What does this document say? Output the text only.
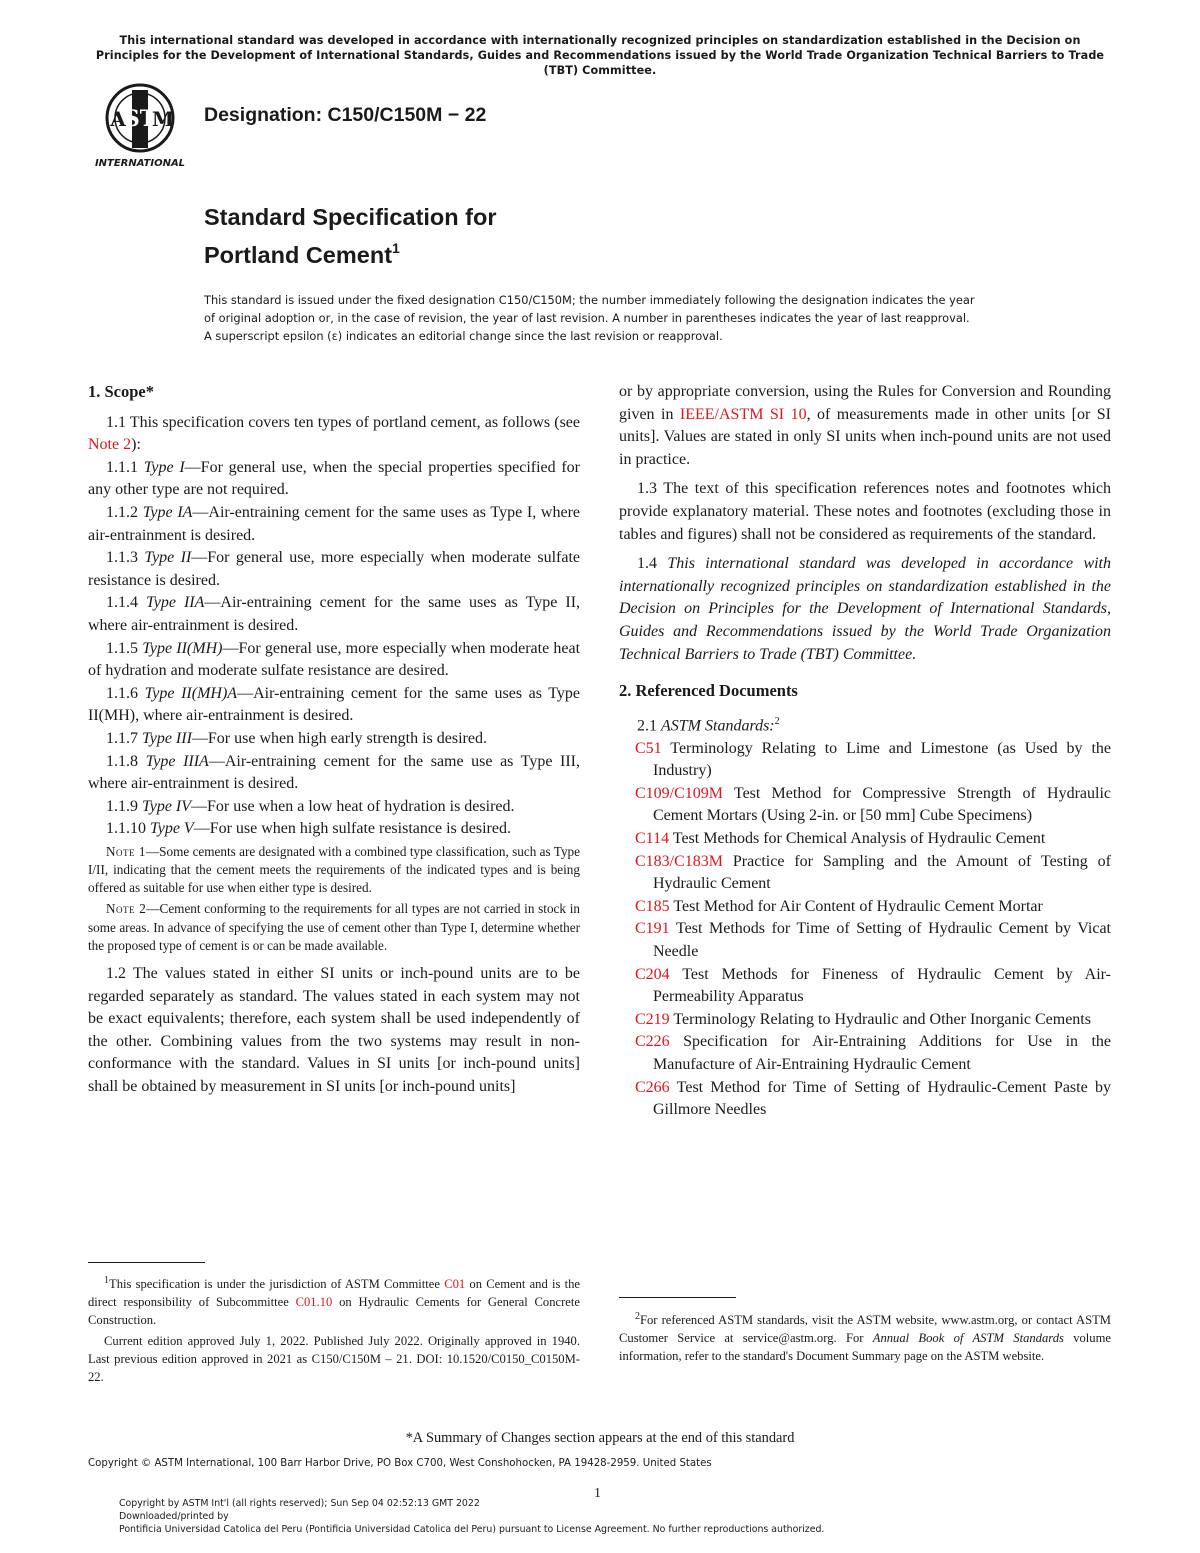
This international standard was developed in accordance with internationally recognized principles on standardization established in the Decision on Principles for the Development of International Standards, Guides and Recommendations issued by the World Trade Organization Technical Barriers to Trade (TBT) Committee.
ST
A M
INTERNATIONAL
Designation: C150/C150M − 22
Standard Specification for
Portland Cement$^1$
This standard is issued under the fixed designation C150/C150M; the number immediately following the designation indicates the year
of original adoption or, in the case of revision, the year of last revision. A number in parentheses indicates the year of last reapproval.
A superscript epsilon (ε) indicates an editorial change since the last revision or reapproval.

1. Scope*

1.1 This specification covers ten types of portland cement, as follows (see Note 2):

1.1.1 Type I—For general use, when the special properties specified for any other type are not required.

1.1.2 Type IA—Air-entraining cement for the same uses as Type I, where air-entrainment is desired.

1.1.3 Type II—For general use, more especially when moderate sulfate resistance is desired.

1.1.4 Type IIA—Air-entraining cement for the same uses as Type II, where air-entrainment is desired.

1.1.5 Type II(MH)—For general use, more especially when moderate heat of hydration and moderate sulfate resistance are desired.

1.1.6 Type II(MH)A—Air-entraining cement for the same uses as Type II(MH), where air-entrainment is desired.

1.1.7 Type III—For use when high early strength is desired.

1.1.8 Type IIIA—Air-entraining cement for the same use as Type III, where air-entrainment is desired.

1.1.9 Type IV—For use when a low heat of hydration is desired.

1.1.10 Type V—For use when high sulfate resistance is desired.

Note 1—Some cements are designated with a combined type classification, such as Type I/II, indicating that the cement meets the requirements of the indicated types and is being offered as suitable for use when either type is desired.

Note 2—Cement conforming to the requirements for all types are not carried in stock in some areas. In advance of specifying the use of cement other than Type I, determine whether the proposed type of cement is or can be made available.

1.2 The values stated in either SI units or inch-pound units are to be regarded separately as standard. The values stated in each system may not be exact equivalents; therefore, each system shall be used independently of the other. Combining values from the two systems may result in non-conformance with the standard. Values in SI units [or inch-pound units] shall be obtained by measurement in SI units [or inch-pound units]

or by appropriate conversion, using the Rules for Conversion and Rounding given in IEEE/ASTM SI 10, of measurements made in other units [or SI units]. Values are stated in only SI units when inch-pound units are not used in practice.

1.3 The text of this specification references notes and footnotes which provide explanatory material. These notes and footnotes (excluding those in tables and figures) shall not be considered as requirements of the standard.

1.4 This international standard was developed in accordance with internationally recognized principles on standardization established in the Decision on Principles for the Development of International Standards, Guides and Recommendations issued by the World Trade Organization Technical Barriers to Trade (TBT) Committee.

2. Referenced Documents

2.1 ASTM Standards:$^2$

C51 Terminology Relating to Lime and Limestone (as Used by the Industry)

C109/C109M Test Method for Compressive Strength of Hydraulic Cement Mortars (Using 2-in. or [50 mm] Cube Specimens)

C114 Test Methods for Chemical Analysis of Hydraulic Cement

C183/C183M Practice for Sampling and the Amount of Testing of Hydraulic Cement

C185 Test Method for Air Content of Hydraulic Cement Mortar

C191 Test Methods for Time of Setting of Hydraulic Cement by Vicat Needle

C204 Test Methods for Fineness of Hydraulic Cement by Air-Permeability Apparatus

C219 Terminology Relating to Hydraulic and Other Inorganic Cements

C226 Specification for Air-Entraining Additions for Use in the Manufacture of Air-Entraining Hydraulic Cement

C266 Test Method for Time of Setting of Hydraulic-Cement Paste by Gillmore Needles

$^1$This specification is under the jurisdiction of ASTM Committee C01 on Cement and is the direct responsibility of Subcommittee C01.10 on Hydraulic Cements for General Concrete Construction.

Current edition approved July 1, 2022. Published July 2022. Originally approved in 1940. Last previous edition approved in 2021 as C150/C150M – 21. DOI: 10.1520/C0150_C0150M-22.

$^2$For referenced ASTM standards, visit the ASTM website, www.astm.org, or contact ASTM Customer Service at service@astm.org. For Annual Book of ASTM Standards volume information, refer to the standard's Document Summary page on the ASTM website.

*A Summary of Changes section appears at the end of this standard
Copyright © ASTM International, 100 Barr Harbor Drive, PO Box C700, West Conshohocken, PA 19428-2959. United States
1
Copyright by ASTM Int'l (all rights reserved); Sun Sep 04 02:52:13 GMT 2022
Downloaded/printed by
Pontificia Universidad Catolica del Peru (Pontificia Universidad Catolica del Peru) pursuant to License Agreement. No further reproductions authorized.
